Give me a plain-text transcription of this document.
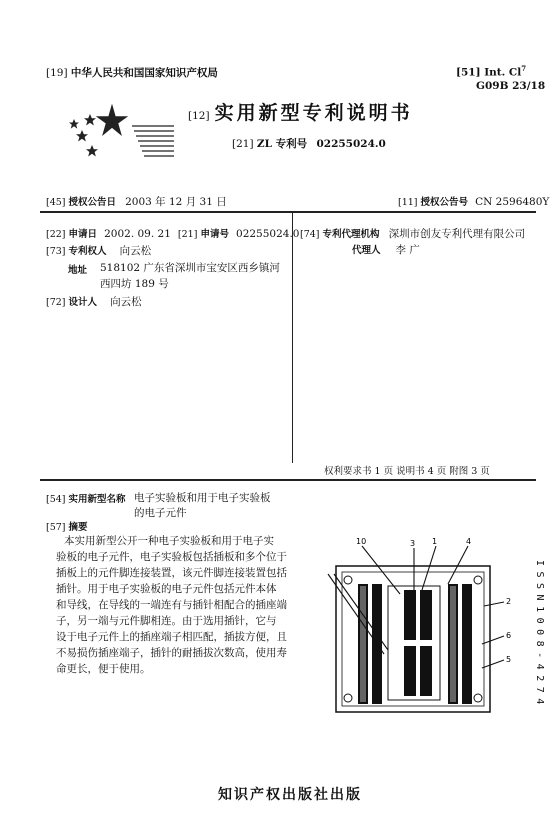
[19] 中华人民共和国国家知识产权局	[51] Int. Cl$^7$
G09B 23/18
[12] 实用新型专利说明书
[21] ZL 专利号 02255024.0
[45] 授权公告日 2003 年 12 月 31 日	[11] 授权公告号 CN 2596480Y
[22] 申请日 2002. 09. 21 [21] 申请号 02255024.0
[73] 专利权人 向云松
地址 518102 广东省深圳市宝安区西乡镇河
西四坊 189 号
[72] 设计人 向云松
[74] 专利代理机构 深圳市创友专利代理有限公司
代理人 李 广
权利要求书 1 页 说明书 4 页 附图 3 页
[54] 实用新型名称 电子实验板和用于电子实验板
的电子元件
[57] 摘要

本实用新型公开一种电子实验板和用于电子实

验板的电子元件，电子实验板包括插板和多个位于

插板上的元件脚连接装置，该元件脚连接装置包括

插针。用于电子实验板的电子元件包括元件本体

和导线，在导线的一端连有与插针相配合的插座端

子，另一端与元件脚相连。由于选用插针，它与

设于电子元件上的插座端子相匹配，插拔方便，且

不易损伤插座端子，插针的耐插拔次数高，使用寿

命更长，便于使用。

10	3 1	4
2
6
5 ISSN1008-4274
知识产权出版社出版
